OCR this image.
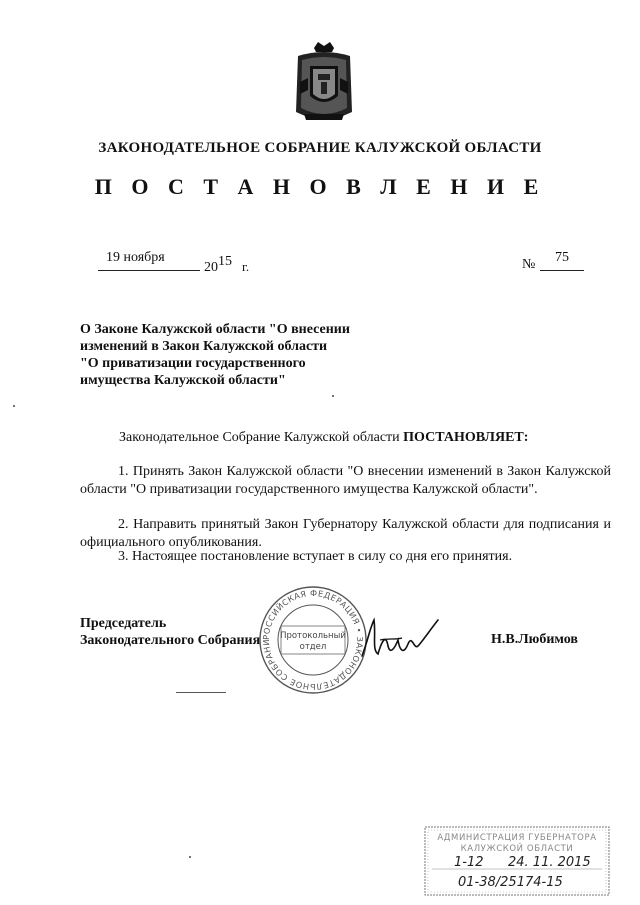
ЗАКОНОДАТЕЛЬНОЕ СОБРАНИЕ КАЛУЖСКОЙ ОБЛАСТИ
П О С Т А Н О В Л Е Н И Е
19 ноября
$20^{15}$ г.	№	75
О Законе Калужской области "О внесении
изменений в Закон Калужской области
"О приватизации государственного
имущества Калужской области"
Законодательное Собрание Калужской области ПОСТАНОВЛЯЕТ:
1. Принять Закон Калужской области "О внесении изменений в Закон Калужской области "О приватизации государственного имущества Калужской области".
2. Направить принятый Закон Губернатору Калужской области для подписания и официального опубликования.
3. Настоящее постановление вступает в силу со дня его принятия.
Председатель
Законодательного Собрания	Н.В.Любимов
РОССИЙСКАЯ ФЕДЕРАЦИЯ • ЗАКОНОДАТЕЛЬНОЕ СОБРАНИ
Протокольный
отдел
АДМИНИСТРАЦИЯ ГУБЕРНАТОРА
КАЛУЖСКОЙ ОБЛАСТИ
1-12 24. 11. 2015
01-38/25174-15
